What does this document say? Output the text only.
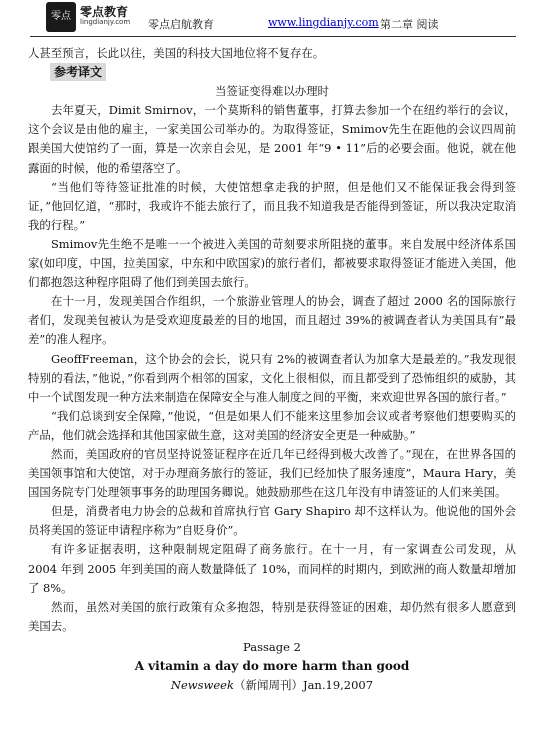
零点 零点教育
lingdianjy.com 零点启航教育	www.lingdianjy.com 第二章 阅读

人甚至预言，长此以往，美国的科技大国地位将不复存在。

参考译文

当签证变得难以办理时

去年夏天，Dimit Smirnov，一个莫斯科的销售董事，打算去参加一个在纽约举行的会议，这个会议是由他的雇主，一家美国公司举办的。为取得签证，Smimov先生在距他的会议四周前跟美国大使馆约了一面，算是一次亲自会见，是 2001 年“9 • 11”后的必要会面。他说，就在他露面的时候，他的希望落空了。

“当他们等待签证批准的时候，大使馆想拿走我的护照，但是他们又不能保证我会得到签证，”他回忆道，“那时，我或许不能去旅行了，而且我不知道我是否能得到签证，所以我决定取消我的行程。”

Smimov先生绝不是唯一一个被进入美国的苛刻要求所阻挠的董事。来自发展中经济体系国家(如印度，中国，拉美国家，中东和中欧国家)的旅行者们，都被要求取得签证才能进入美国，他们都抱怨这种程序阻碍了他们到美国去旅行。

在十一月，发现美国合作组织，一个旅游业管理人的协会，调查了超过 2000 名的国际旅行者们，发现美包被认为是受欢迎度最差的目的地国，而且超过 39%的被调查者认为美国具有”最差”的准人程序。

GeoffFreeman，这个协会的会长，说只有 2%的被调查者认为加拿大是最差的。”我发现很特别的看法，”他说，”你看到两个相邻的国家，文化上很相似，而且都受到了恐怖组织的威胁，其中一个试图发现一种方法来制造在保障安全与准人制度之间的平衡，来欢迎世界各国的旅行者。”

“我们总谈到安全保障，”他说，“但是如果人们不能来这里参加会议或者考察他们想要购买的产品，他们就会选择和其他国家做生意，这对美国的经济安全更是一种威胁。”

然而，美国政府的官员坚持说签证程序在近几年已经得到极大改善了。”现在，在世界各国的美国领事馆和大使馆，对于办理商务旅行的签证，我们已经加快了服务速度”，Maura Hary，美国国务院专门处理领事事务的助理国务卿说。她鼓励那些在这几年没有申请签证的人们来美国。

但是，消费者电力协会的总裁和首席执行官 Gary Shapiro 却不这样认为。他说他的国外会员将美国的签证申请程序称为”自贬身价”。

有许多证据表明，这种限制规定阻碍了商务旅行。在十一月，有一家调查公司发现，从 2004 年到 2005 年到美国的商人数量降低了 10%，而同样的时期内，到欧洲的商人数量却增加了 8%。

然而，虽然对美国的旅行政策有众多抱怨，特别是获得签证的困难，却仍然有很多人愿意到美国去。

Passage 2

A vitamin a day do more harm than good

Newsweek（新闻周刊）Jan.19,2007
